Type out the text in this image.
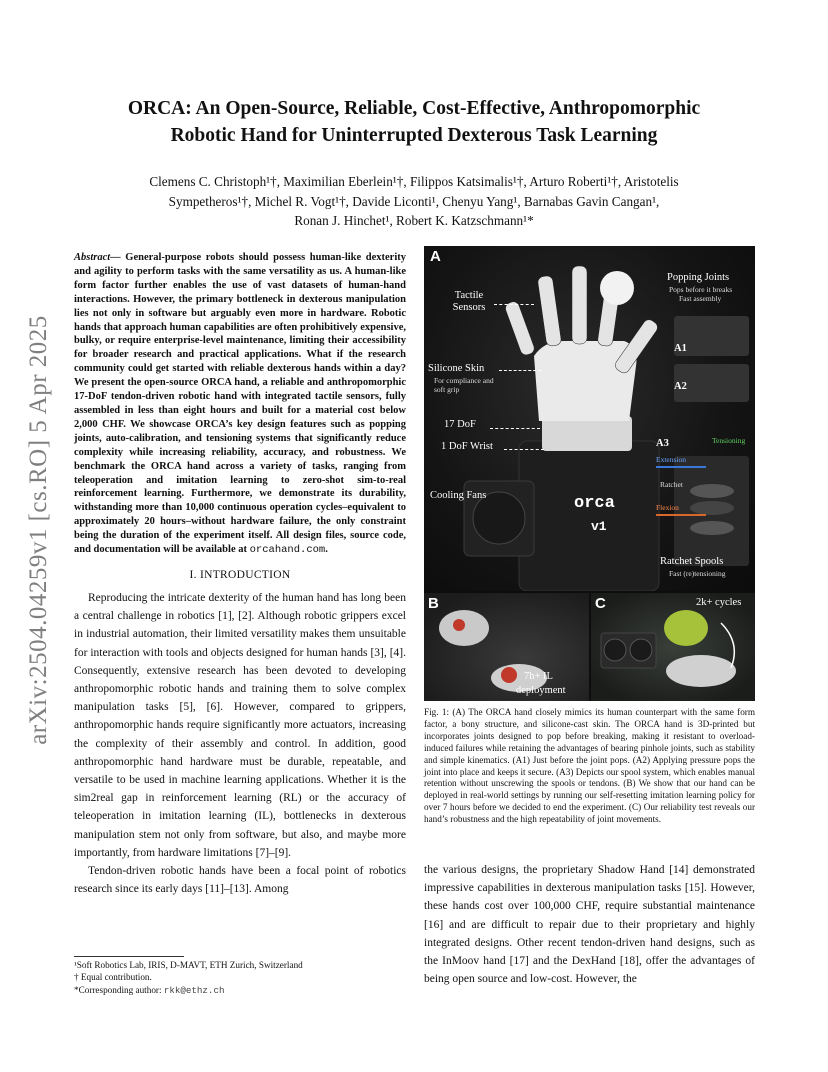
arXiv:2504.04259v1 [cs.RO] 5 Apr 2025
ORCA: An Open-Source, Reliable, Cost-Effective, Anthropomorphic
Robotic Hand for Uninterrupted Dexterous Task Learning
Clemens C. Christoph¹†, Maximilian Eberlein¹†, Filippos Katsimalis¹†, Arturo Roberti¹†, Aristotelis
Sympetheros¹†, Michel R. Vogt¹†, Davide Liconti¹, Chenyu Yang¹, Barnabas Gavin Cangan¹,
Ronan J. Hinchet¹, Robert K. Katzschmann¹*
Abstract— General-purpose robots should possess human-like dexterity and agility to perform tasks with the same versatility as us. A human-like form factor further enables the use of vast datasets of human-hand interactions. However, the primary bottleneck in dexterous manipulation lies not only in software but arguably even more in hardware. Robotic hands that approach human capabilities are often prohibitively expensive, bulky, or require enterprise-level maintenance, limiting their accessibility for broader research and practical applications. What if the research community could get started with reliable dexterous hands within a day? We present the open-source ORCA hand, a reliable and anthropomorphic 17-DoF tendon-driven robotic hand with integrated tactile sensors, fully assembled in less than eight hours and built for a material cost below 2,000 CHF. We showcase ORCA’s key design features such as popping joints, auto-calibration, and tensioning systems that significantly reduce complexity while increasing reliability, accuracy, and robustness. We benchmark the ORCA hand across a variety of tasks, ranging from teleoperation and imitation learning to zero-shot sim-to-real reinforcement learning. Furthermore, we demonstrate its durability, withstanding more than 10,000 continuous operation cycles–equivalent to approximately 20 hours–without hardware failure, the only constraint being the duration of the experiment itself. All design files, source code, and documentation will be available at orcahand.com.
I. INTRODUCTION

Reproducing the intricate dexterity of the human hand has long been a central challenge in robotics [1], [2]. Although robotic grippers excel in industrial automation, their limited versatility makes them unsuitable for interaction with tools and objects designed for human hands [3], [4]. Consequently, extensive research has been devoted to developing anthropomorphic robotic hands and training them to solve complex manipulation tasks [5], [6]. However, compared to grippers, anthropomorphic hands require significantly more actuators, increasing the complexity of their assembly and control. In addition, good anthropomorphic hand hardware must be durable, repeatable, and versatile to be used in machine learning applications. Whether it is the sim2real gap in reinforcement learning (RL) or the accuracy of teleoperation in imitation learning (IL), bottlenecks in dexterous manipulation stem not only from software, but also, and maybe more importantly, from hardware limitations [7]–[9].

Tendon-driven robotic hands have been a focal point of robotics research since its early days [11]–[13]. Among

¹Soft Robotics Lab, IRIS, D-MAVT, ETH Zurich, Switzerland
† Equal contribution.
*Corresponding author: rkk@ethz.ch
A
Tactile Sensors
Silicone Skin
For compliance and soft grip
17 DoF
1 DoF Wrist
Cooling Fans
Popping Joints
Pops before it breaks
Fast assembly
A1
A2
A3	Tensioning
Extension
Ratchet
Flexion
Ratchet Spools
Fast (re)tensioning
orca
v1
B
7h+ IL
deployment
C	2k+ cycles
Fig. 1: (A) The ORCA hand closely mimics its human counterpart with the same form factor, a bony structure, and silicone-cast skin. The ORCA hand is 3D-printed but incorporates joints designed to pop before breaking, making it resistant to overload-induced failures while retaining the advantages of bearing pinhole joints, such as stability and simple kinematics. (A1) Just before the joint pops. (A2) Applying pressure pops the joint into place and keeps it secure. (A3) Depicts our spool system, which enables manual retention without unscrewing the spools or tendons. (B) We show that our hand can be deployed in real-world settings by running our self-resetting imitation learning policy for over 7 hours before we decided to end the experiment. (C) Our reliability test reveals our hand’s robustness and the high repeatability of joint movements.

the various designs, the proprietary Shadow Hand [14] demonstrated impressive capabilities in dexterous manipulation tasks [15]. However, these hands cost over 100,000 CHF, require substantial maintenance [16] and are difficult to repair due to their proprietary and highly integrated designs. Other recent tendon-driven hand designs, such as the InMoov hand [17] and the DexHand [18], offer the advantages of being open source and low-cost. However, the
